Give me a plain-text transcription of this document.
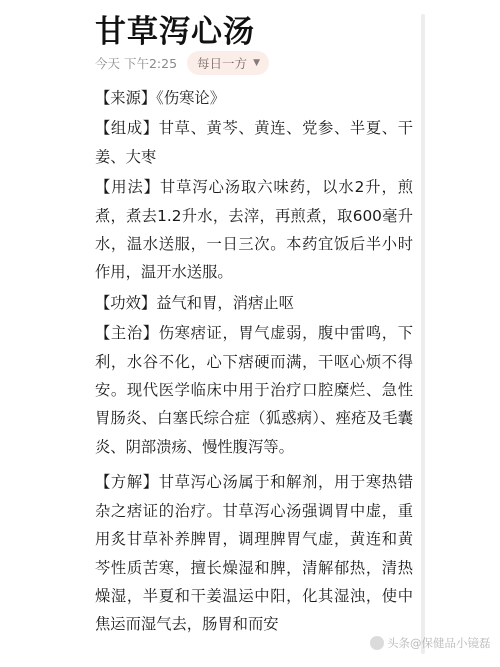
甘草泻心汤
今天 下午2:25 每日一方 ▼

【来源】《伤寒论》

【组成】甘草、黄芩、黄连、党参、半夏、干姜、大枣

【用法】甘草泻心汤取六味药，以水2升，煎煮，煮去1.2升水，去滓，再煎煮，取600毫升水，温水送服，一日三次。本药宜饭后半小时作用，温开水送服。

【功效】益气和胃，消痞止呕

【主治】伤寒痞证，胃气虚弱，腹中雷鸣，下利，水谷不化，心下痞硬而满，干呕心烦不得安。现代医学临床中用于治疗口腔糜烂、急性胃肠炎、白塞氏综合症（狐惑病）、痤疮及毛囊炎、阴部溃疡、慢性腹泻等。

【方解】甘草泻心汤属于和解剂，用于寒热错杂之痞证的治疗。甘草泻心汤强调胃中虚，重用炙甘草补养脾胃，调理脾胃气虚，黄连和黄芩性质苦寒，擅长燥湿和脾，清解郁热，清热燥湿，半夏和干姜温运中阳，化其湿浊，使中焦运而湿气去，肠胃和而安

头条@保健品小镜磊
